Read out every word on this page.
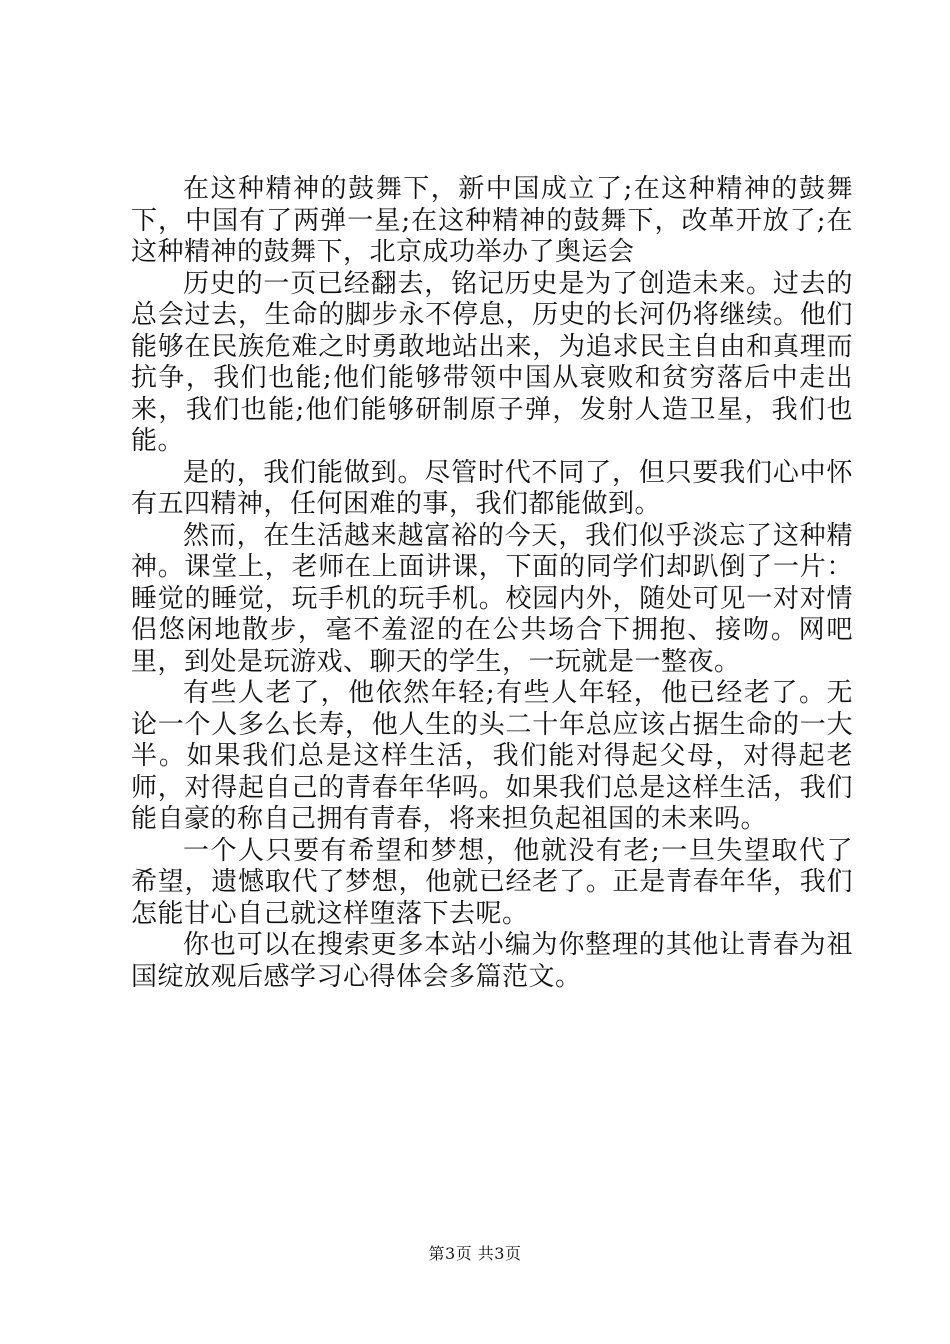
在这种精神的鼓舞下，新中国成立了;在这种精神的鼓舞下，中国有了两弹一星;在这种精神的鼓舞下，改革开放了;在这种精神的鼓舞下，北京成功举办了奥运会

历史的一页已经翻去，铭记历史是为了创造未来。过去的总会过去，生命的脚步永不停息，历史的长河仍将继续。他们能够在民族危难之时勇敢地站出来，为追求民主自由和真理而抗争，我们也能;他们能够带领中国从衰败和贫穷落后中走出来，我们也能;他们能够研制原子弹，发射人造卫星，我们也能。

是的，我们能做到。尽管时代不同了，但只要我们心中怀有五四精神，任何困难的事，我们都能做到。

然而，在生活越来越富裕的今天，我们似乎淡忘了这种精神。课堂上，老师在上面讲课，下面的同学们却趴倒了一片：睡觉的睡觉，玩手机的玩手机。校园内外，随处可见一对对情侣悠闲地散步，毫不羞涩的在公共场合下拥抱、接吻。网吧里，到处是玩游戏、聊天的学生，一玩就是一整夜。

有些人老了，他依然年轻;有些人年轻，他已经老了。无论一个人多么长寿，他人生的头二十年总应该占据生命的一大半。如果我们总是这样生活，我们能对得起父母，对得起老师，对得起自己的青春年华吗。如果我们总是这样生活，我们能自豪的称自己拥有青春，将来担负起祖国的未来吗。

一个人只要有希望和梦想，他就没有老;一旦失望取代了希望，遗憾取代了梦想，他就已经老了。正是青春年华，我们怎能甘心自己就这样堕落下去呢。

你也可以在搜索更多本站小编为你整理的其他让青春为祖国绽放观后感学习心得体会多篇范文。

第3页 共3页
